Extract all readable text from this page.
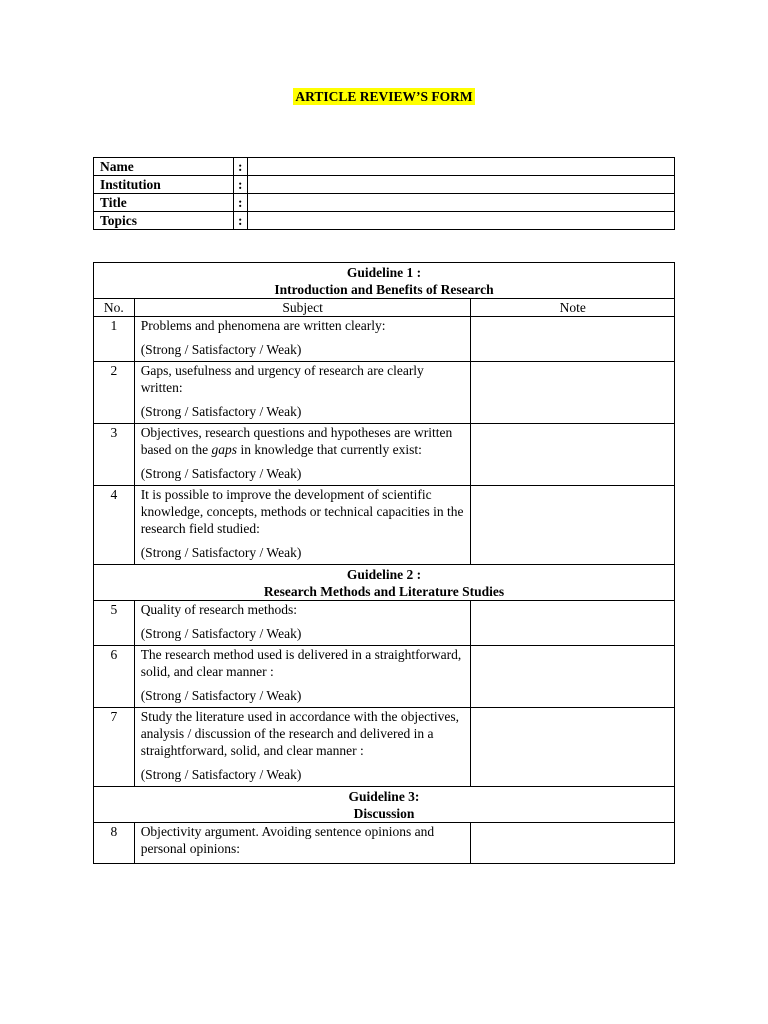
ARTICLE REVIEW’S FORM
Name	:	
Institution	:	
Title	:	
Topics	:	
Guideline 1 :
Introduction and Benefits of Research		

No.	Subject	Note
1	Problems and phenomena are written clearly:
(Strong / Satisfactory / Weak)	

2	Gaps, usefulness and urgency of research are clearly written:
(Strong / Satisfactory / Weak)	

3	Objectives, research questions and hypotheses are written based on the gaps in knowledge that currently exist:
(Strong / Satisfactory / Weak)	

4	It is possible to improve the development of scientific knowledge, concepts, methods or technical capacities in the research field studied:
(Strong / Satisfactory / Weak)	

Guideline 2 :
Research Methods and Literature Studies		

5	Quality of research methods:
(Strong / Satisfactory / Weak)	

6	The research method used is delivered in a straightforward, solid, and clear manner :
(Strong / Satisfactory / Weak)	

7	Study the literature used in accordance with the objectives, analysis / discussion of the research and delivered in a straightforward, solid, and clear manner :
(Strong / Satisfactory / Weak)	

Guideline 3:
Discussion		

8	Objectivity argument. Avoiding sentence opinions and personal opinions:	
